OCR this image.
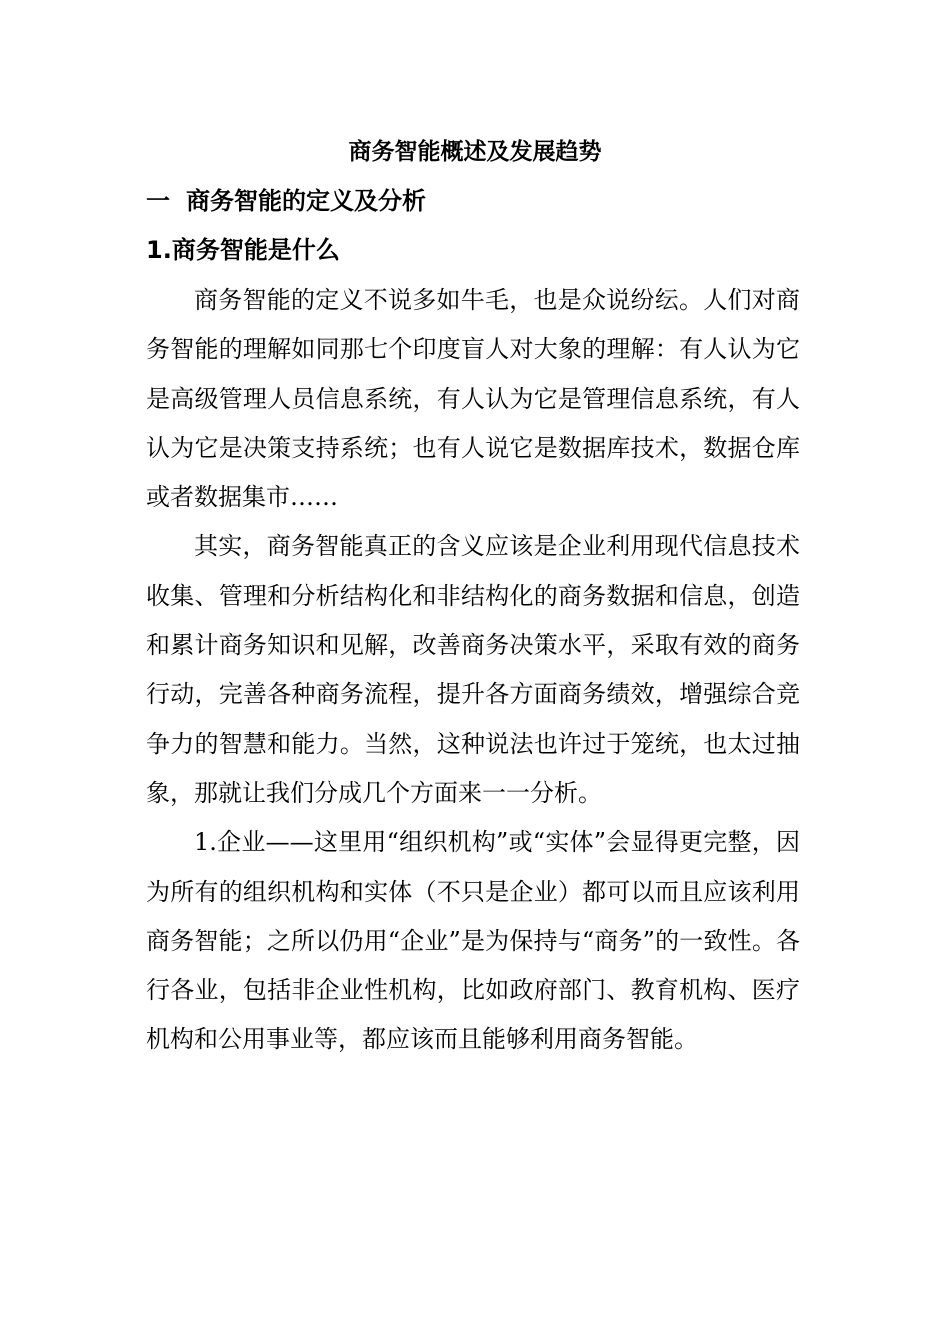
商务智能概述及发展趋势
一 商务智能的定义及分析
1.商务智能是什么

商务智能的定义不说多如牛毛，也是众说纷纭。人们对商务智能的理解如同那七个印度盲人对大象的理解：有人认为它是高级管理人员信息系统，有人认为它是管理信息系统，有人认为它是决策支持系统；也有人说它是数据库技术，数据仓库或者数据集市……

其实，商务智能真正的含义应该是企业利用现代信息技术收集、管理和分析结构化和非结构化的商务数据和信息，创造和累计商务知识和见解，改善商务决策水平，采取有效的商务行动，完善各种商务流程，提升各方面商务绩效，增强综合竞争力的智慧和能力。当然，这种说法也许过于笼统，也太过抽象，那就让我们分成几个方面来一一分析。

1.企业——这里用“组织机构”或“实体”会显得更完整，因为所有的组织机构和实体（不只是企业）都可以而且应该利用商务智能；之所以仍用“企业”是为保持与“商务”的一致性。各行各业，包括非企业性机构，比如政府部门、教育机构、医疗机构和公用事业等，都应该而且能够利用商务智能。
